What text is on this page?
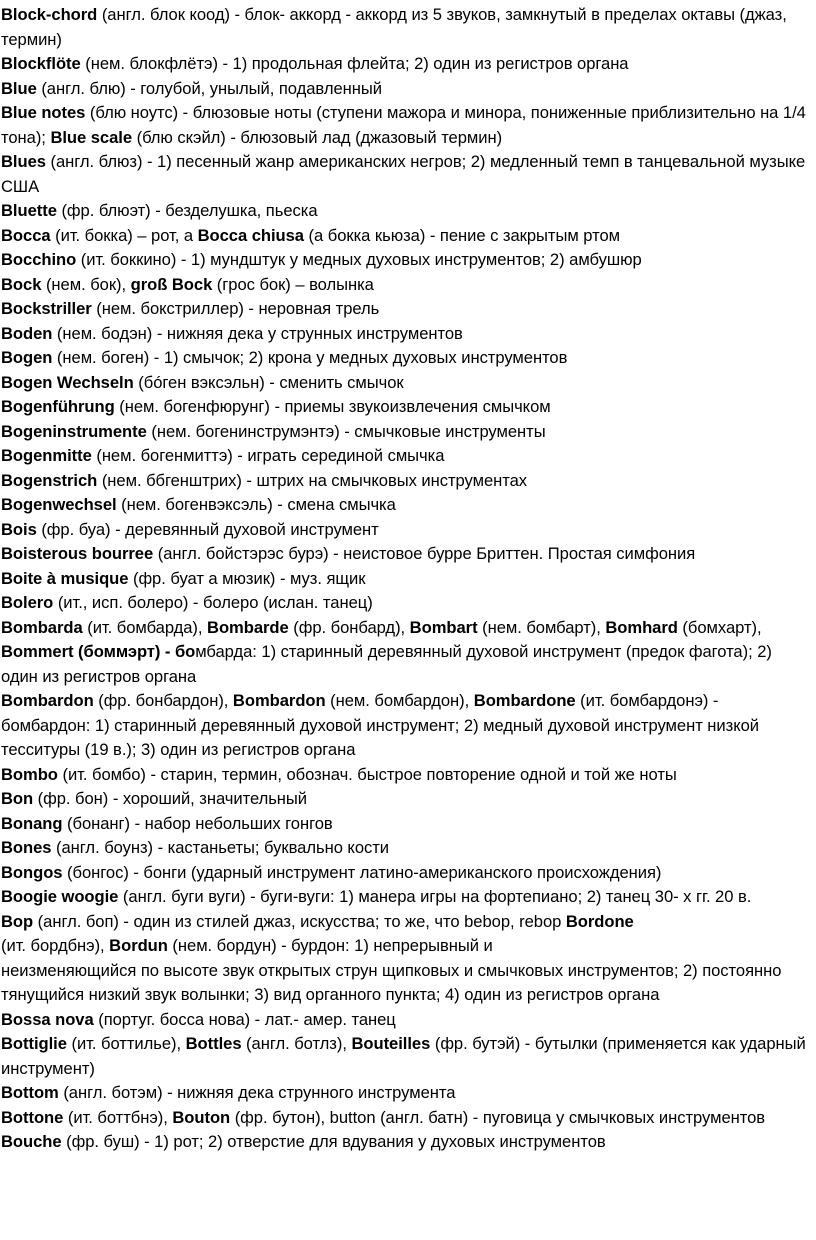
Block-chord (англ. блок коод) - блок- аккорд - аккорд из 5 звуков, замкнутый в пределах октавы (джаз, термин)

Blockflöte (нем. блокфлётэ) - 1) продольная флейта; 2) один из регистров органа

Blue (англ. блю) - голубой, унылый, подавленный

Blue notes (блю ноутс) - блюзовые ноты (ступени мажора и минора, пониженные приблизительно на 1/4 тона); Blue scale (блю скэйл) - блюзовый лад (джазовый термин)

Blues (англ. блюз) - 1) песенный жанр американских негров; 2) медленный темп в танцевальной музыке США

Bluette (фр. блюэт) - безделушка, пьеска

Bocca (ит. бокка) – рот, а Bocca chiusa (а бокка кьюза) - пение с закрытым ртом

Bocchino (ит. боккино) - 1) мундштук у медных духовых инструментов; 2) амбушюр

Bock (нем. бок), groß Bock (грос бок) – волынка

Bockstriller (нем. бокстриллер) - неровная трель

Boden (нем. бодэн) - нижняя дека у струнных инструментов

Bogen (нем. боген) - 1) смычок; 2) крона у медных духовых инструментов

Bogen Wechseln (бóген вэксэльн) - сменить смычок

Bogenführung (нем. богенфюрунг) - приемы звукоизвлечения смычком

Bogeninstrumente (нем. богенинструмэнтэ) - смычковые инструменты

Bogenmitte (нем. богенмиттэ) - играть серединой смычка

Bogenstrich (нем. ббгенштрих) - штрих на смычковых инструментах

Bogenwechsel (нем. богенвэксэль) - смена смычка

Bois (фр. буа) - деревянный духовой инструмент

Boisterous bourree (англ. бойстэрэс бурэ) - неистовое бурре Бриттен. Простая симфония

Boite à musique (фр. буат а мюзик) - муз. ящик

Bolero (ит., исп. болеро) - болеро (ислан. танец)

Bombarda (ит. бомбарда), Bombarde (фр. бонбард), Bombart (нем. бомбарт), Bomhard (бомхарт), Bommert (боммэрт) - бомбарда: 1) старинный деревянный духовой инструмент (предок фагота); 2) один из регистров органа

Bombardon (фр. бонбардон), Bombardon (нем. бомбардон), Bombardone (ит. бомбардонэ) - бомбардон: 1) старинный деревянный духовой инструмент; 2) медный духовой инструмент низкой тесситуры (19 в.); 3) один из регистров органа

Bombo (ит. бомбо) - старин, термин, обознач. быстрое повторение одной и той же ноты

Bon (фр. бон) - хороший, значительный

Bonang (бонанг) - набор небольших гонгов

Bones (англ. боунз) - кастаньеты; буквально кости

Bongos (бонгос) - бонги (ударный инструмент латино-американского происхождения)

Boogie woogie (англ. буги вуги) - буги-вуги: 1) манера игры на фортепиано; 2) танец 30- х гг. 20 в.

Bop (англ. боп) - один из стилей джаз, искусства; то же, что bebop, rebop Bordone
(ит. бордбнэ), Bordun (нем. бордун) - бурдон: 1) непрерывный и
неизменяющийся по высоте звук открытых струн щипковых и смычковых инструментов; 2) постоянно тянущийся низкий звук волынки; 3) вид органного пункта; 4) один из регистров органа

Bossa nova (португ. босса нова) - лат.- амер. танец

Bottiglie (ит. боттилье), Bottles (англ. ботлз), Bouteilles (фр. бутэй) - бутылки (применяется как ударный инструмент)

Bottom (англ. ботэм) - нижняя дека струнного инструмента

Bottone (ит. боттбнэ), Bouton (фр. бутон), button (англ. батн) - пуговица у смычковых инструментов

Bouche (фр. буш) - 1) рот; 2) отверстие для вдувания у духовых инструментов
